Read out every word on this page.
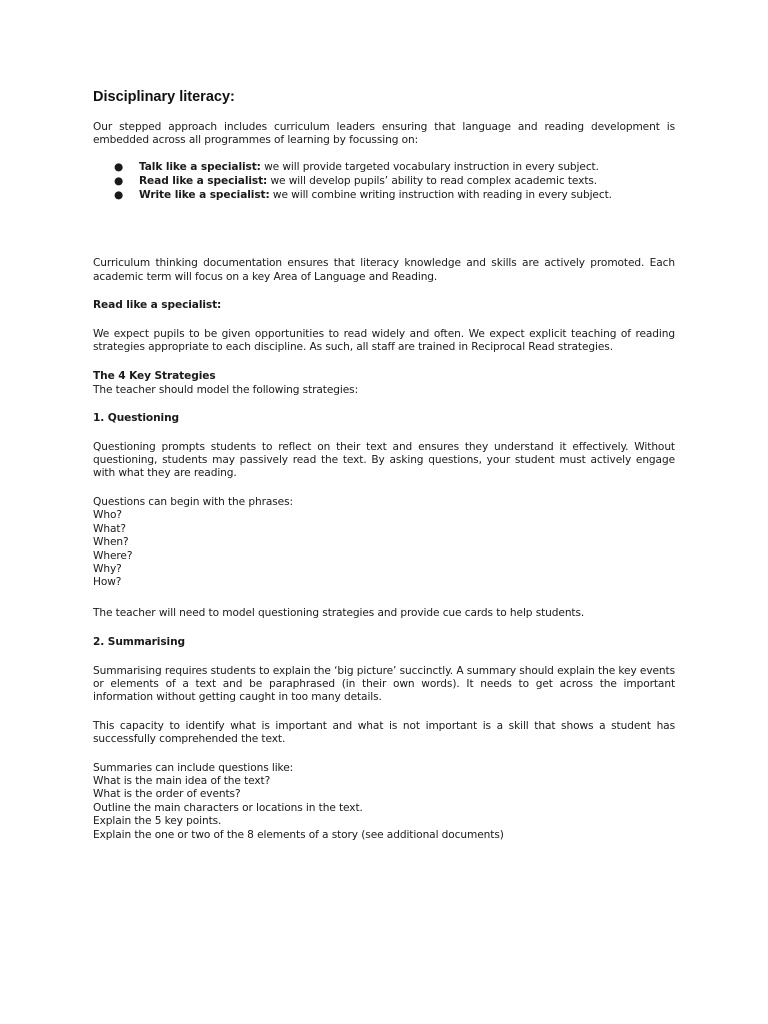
Disciplinary literacy:

Our stepped approach includes curriculum leaders ensuring that language and reading development is embedded across all programmes of learning by focussing on:

● Talk like a specialist: we will provide targeted vocabulary instruction in every subject.
● Read like a specialist: we will develop pupils’ ability to read complex academic texts.
● Write like a specialist: we will combine writing instruction with reading in every subject.

Curriculum thinking documentation ensures that literacy knowledge and skills are actively promoted. Each academic term will focus on a key Area of Language and Reading.

Read like a specialist:

We expect pupils to be given opportunities to read widely and often. We expect explicit teaching of reading strategies appropriate to each discipline. As such, all staff are trained in Reciprocal Read strategies.

The 4 Key Strategies

The teacher should model the following strategies:

1. Questioning

Questioning prompts students to reflect on their text and ensures they understand it effectively. Without questioning, students may passively read the text. By asking questions, your student must actively engage with what they are reading.

Questions can begin with the phrases:

Who?
What?
When?
Where?
Why?
How?

The teacher will need to model questioning strategies and provide cue cards to help students.

2. Summarising

Summarising requires students to explain the ‘big picture’ succinctly. A summary should explain the key events or elements of a text and be paraphrased (in their own words). It needs to get across the important information without getting caught in too many details.

This capacity to identify what is important and what is not important is a skill that shows a student has successfully comprehended the text.

Summaries can include questions like:

What is the main idea of the text?
What is the order of events?
Outline the main characters or locations in the text.
Explain the 5 key points.
Explain the one or two of the 8 elements of a story (see additional documents)
